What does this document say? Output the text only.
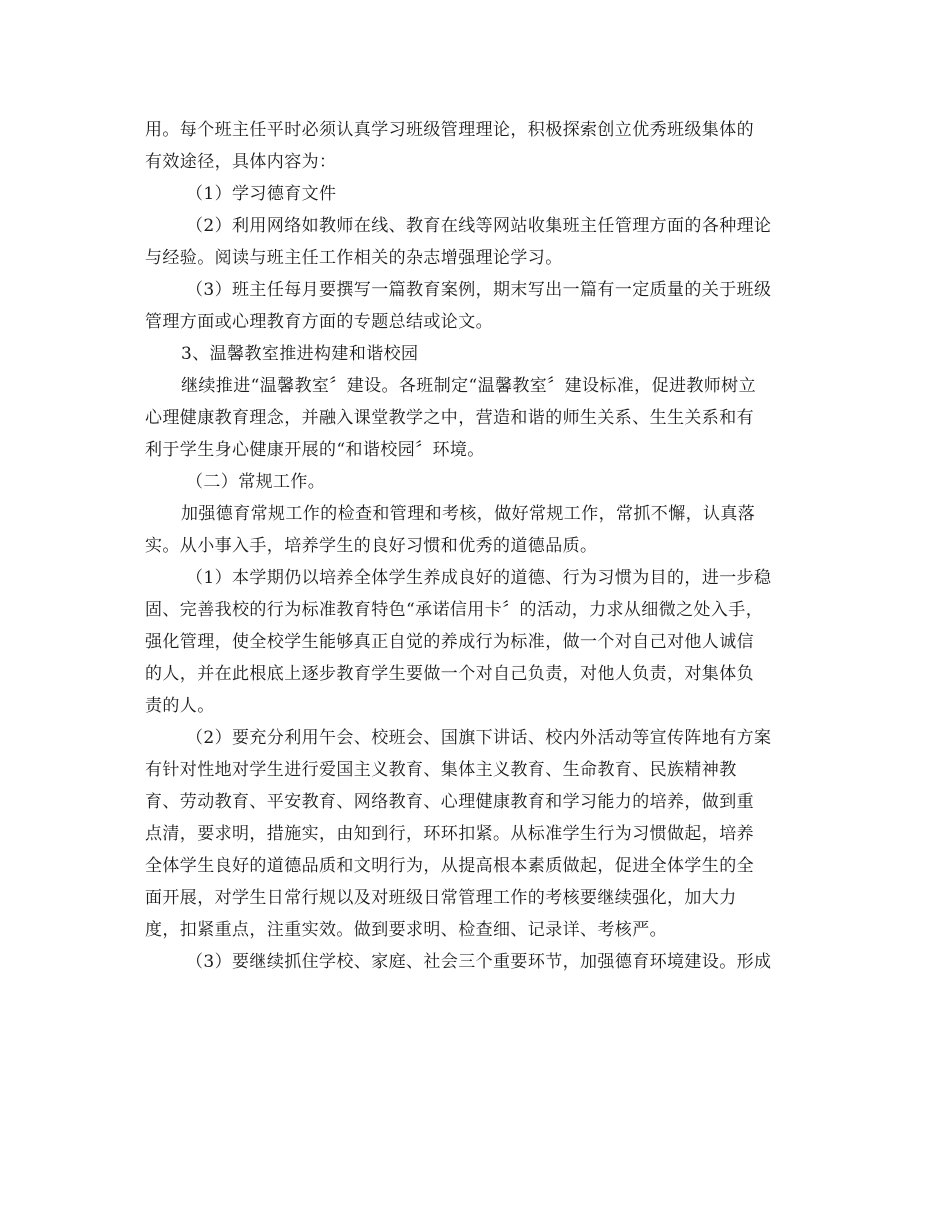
用。每个班主任平时必须认真学习班级管理理论，积极探索创立优秀班级集体的
有效途径，具体内容为：
（1）学习德育文件
（2）利用网络如教师在线、教育在线等网站收集班主任管理方面的各种理论
与经验。阅读与班主任工作相关的杂志增强理论学习。
（3）班主任每月要撰写一篇教育案例，期末写出一篇有一定质量的关于班级
管理方面或心理教育方面的专题总结或论文。
3、温馨教室推进构建和谐校园
继续推进“温馨教室〞建设。各班制定“温馨教室〞建设标准，促进教师树立
心理健康教育理念，并融入课堂教学之中，营造和谐的师生关系、生生关系和有
利于学生身心健康开展的“和谐校园〞环境。
（二）常规工作。
加强德育常规工作的检查和管理和考核，做好常规工作，常抓不懈，认真落
实。从小事入手，培养学生的良好习惯和优秀的道德品质。
（1）本学期仍以培养全体学生养成良好的道德、行为习惯为目的，进一步稳
固、完善我校的行为标准教育特色“承诺信用卡〞的活动，力求从细微之处入手，
强化管理，使全校学生能够真正自觉的养成行为标准，做一个对自己对他人诚信
的人，并在此根底上逐步教育学生要做一个对自己负责，对他人负责，对集体负
责的人。
（2）要充分利用午会、校班会、国旗下讲话、校内外活动等宣传阵地有方案
有针对性地对学生进行爱国主义教育、集体主义教育、生命教育、民族精神教
育、劳动教育、平安教育、网络教育、心理健康教育和学习能力的培养，做到重
点清，要求明，措施实，由知到行，环环扣紧。从标准学生行为习惯做起，培养
全体学生良好的道德品质和文明行为，从提高根本素质做起，促进全体学生的全
面开展，对学生日常行规以及对班级日常管理工作的考核要继续强化，加大力
度，扣紧重点，注重实效。做到要求明、检查细、记录详、考核严。
（3）要继续抓住学校、家庭、社会三个重要环节，加强德育环境建设。形成
